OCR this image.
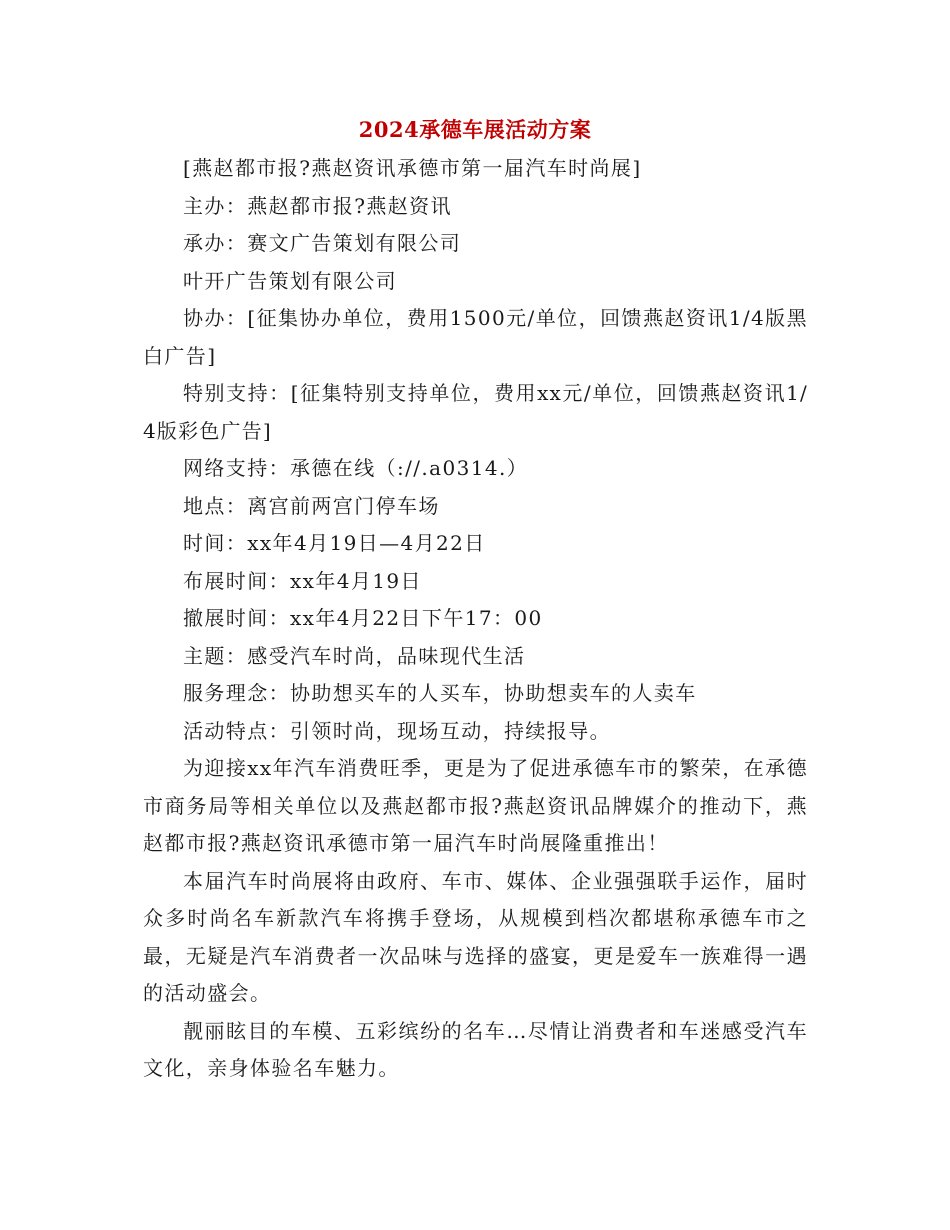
2024承德车展活动方案

[燕赵都市报?燕赵资讯承德市第一届汽车时尚展]

主办：燕赵都市报?燕赵资讯

承办：赛文广告策划有限公司

叶开广告策划有限公司

协办：[征集协办单位，费用1500元/单位，回馈燕赵资讯1/4版黑白广告]

特别支持：[征集特别支持单位，费用xx元/单位，回馈燕赵资讯1/4版彩色广告]

网络支持：承德在线（://.a0314.）

地点：离宫前两宫门停车场

时间：xx年4月19日—4月22日

布展时间：xx年4月19日

撤展时间：xx年4月22日下午17：00

主题：感受汽车时尚，品味现代生活

服务理念：协助想买车的人买车，协助想卖车的人卖车

活动特点：引领时尚，现场互动，持续报导。

为迎接xx年汽车消费旺季，更是为了促进承德车市的繁荣，在承德市商务局等相关单位以及燕赵都市报?燕赵资讯品牌媒介的推动下，燕赵都市报?燕赵资讯承德市第一届汽车时尚展隆重推出！

本届汽车时尚展将由政府、车市、媒体、企业强强联手运作，届时众多时尚名车新款汽车将携手登场，从规模到档次都堪称承德车市之最，无疑是汽车消费者一次品味与选择的盛宴，更是爱车一族难得一遇的活动盛会。

靓丽眩目的车模、五彩缤纷的名车…尽情让消费者和车迷感受汽车文化，亲身体验名车魅力。
